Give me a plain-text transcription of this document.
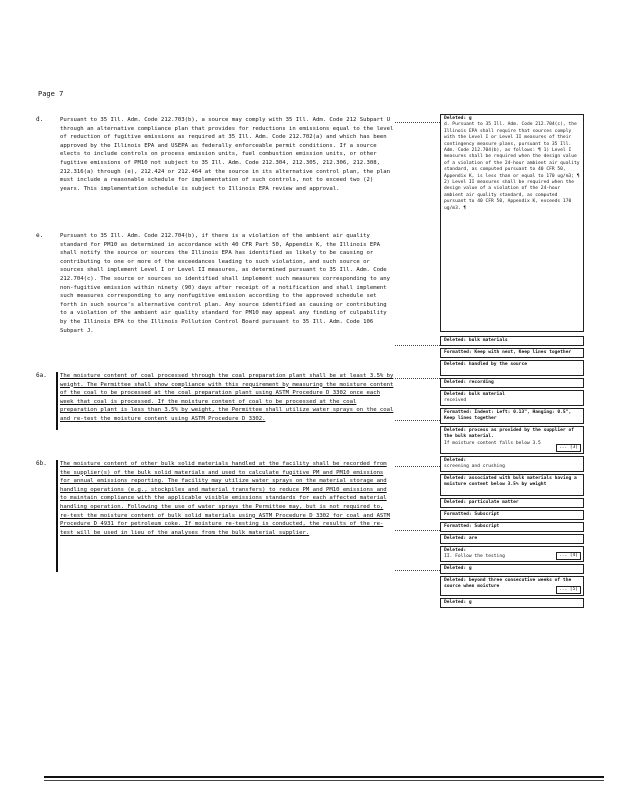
Page 7
d.	Pursuant to 35 Ill. Adm. Code 212.703(b), a source may comply with 35 Ill. Adm. Code 212 Subpart U through an alternative compliance plan that provides for reductions in emissions equal to the level of reduction of fugitive emissions as required at 35 Ill. Adm. Code 212.702(a) and which has been approved by the Illinois EPA and USEPA as federally enforceable permit conditions. If a source elects to include controls on process emission units, fuel combustion emission units, or other fugitive emissions of PM10 not subject to 35 Ill. Adm. Code 212.304, 212.305, 212.306, 212.308, 212.316(a) through (e), 212.424 or 212.464 at the source in its alternative control plan, the plan must include a reasonable schedule for implementation of such controls, not to exceed two (2) years. This implementation schedule is subject to Illinois EPA review and approval.

e.	Pursuant to 35 Ill. Adm. Code 212.704(b), if there is a violation of the ambient air quality standard for PM10 as determined in accordance with 40 CFR Part 50, Appendix K, the Illinois EPA shall notify the source or sources the Illinois EPA has identified as likely to be causing or contributing to one or more of the exceedances leading to such violation, and such source or sources shall implement Level I or Level II measures, as determined pursuant to 35 Ill. Adm. Code 212.704(c). The source or sources so identified shall implement such measures corresponding to any non-fugitive emission within ninety (90) days after receipt of a notification and shall implement such measures corresponding to any nonfugitive emission according to the approved schedule set forth in such source's alternative control plan. Any source identified as causing or contributing to a violation of the ambient air quality standard for PM10 may appeal any finding of culpability by the Illinois EPA to the Illinois Pollution Control Board pursuant to 35 Ill. Adm. Code 106 Subpart J.

6a. The moisture content of coal processed through the coal preparation plant shall be at least 3.5% by weight. The Permittee shall show compliance with this requirement by measuring the moisture content of the coal to be processed at the coal preparation plant using ASTM Procedure D 3302 once each week that coal is processed. If the moisture content of coal to be processed at the coal preparation plant is less than 3.5% by weight, the Permittee shall utilize water sprays on the coal and re-test the moisture content using ASTM Procedure D 3302.

6b. The moisture content of other bulk solid materials handled at the facility shall be recorded from the supplier(s) of the bulk solid materials and used to calculate fugitive PM and PM10 emissions for annual emissions reporting. The facility may utilize water sprays on the material storage and handling operations (e.g., stockpiles and material transfers) to reduce PM and PM10 emissions and to maintain compliance with the applicable visible emissions standards for each affected material handling operation. Following the use of water sprays the Permittee may, but is not required to, re-test the moisture content of bulk solid materials using ASTM Procedure D 3302 for coal and ASTM Procedure D 4931 for petroleum coke. If moisture re-testing is conducted, the results of the re-test will be used in lieu of the analyses from the bulk material supplier.

Deleted: g
d. Pursuant to 35 Ill. Adm. Code 212.704(c), the Illinois EPA shall require that sources comply with the Level I or Level II measures of their contingency measure plans, pursuant to 35 Ill. Adm. Code 212.704(b), as follows: ¶ 1) Level I measures shall be required when the design value of a violation of the 24-hour ambient air quality standard, as computed pursuant to 40 CFR 50, Appendix K, is less than or equal to 170 ug/m3; ¶ 2) Level II measures shall be required when the design value of a violation of the 24-hour ambient air quality standard, as computed pursuant to 40 CFR 50, Appendix K, exceeds 170 ug/m3. ¶
Deleted: bulk materials
Formatted: Keep with next, Keep lines together
Deleted: handled by the source
Deleted: recording
Deleted: bulk material
received
Formatted: Indent: Left: 0.13", Hanging: 0.5", Keep lines together
Deleted: process as provided by the supplier of the bulk material.
If moisture content falls below 3.5
... [3]
Deleted:
screening and crushing
Deleted: associated with bulk materials having a moisture content below 3.5% by weight
Deleted: particulate matter
Formatted: Subscript
Formatted: Subscript
Deleted: are
Deleted:
II. Follow the testing	... [4]
Deleted: g
Deleted: beyond three consecutive weeks of the source when moisture	... [5]
Deleted: g
